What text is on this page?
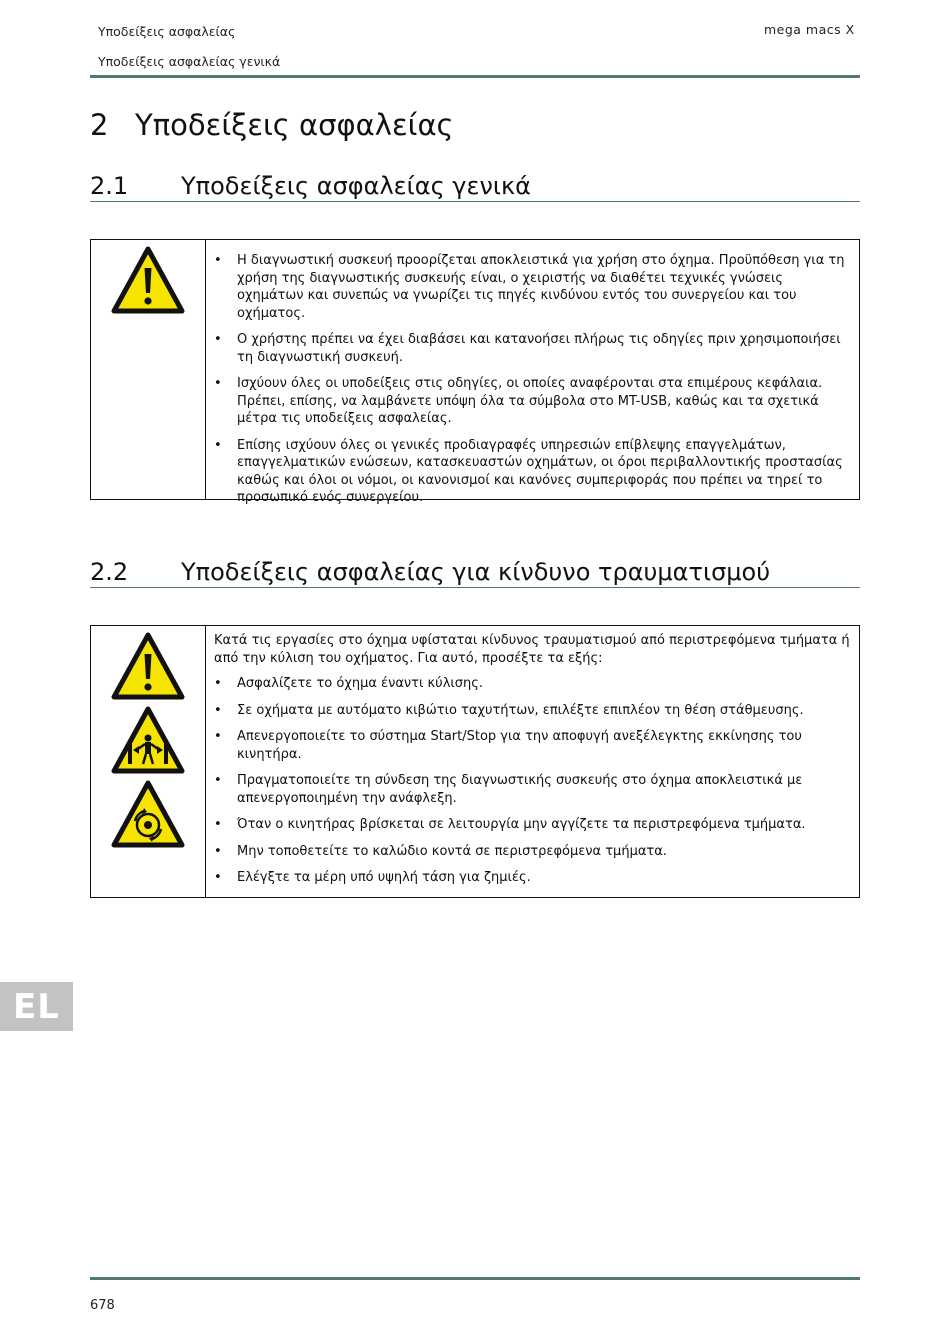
Υποδείξεις ασφαλείας
Υποδείξεις ασφαλείας γενικά
mega macs X
2 Υποδείξεις ασφαλείας
2.1 Υποδείξεις ασφαλείας γενικά
• Η διαγνωστική συσκευή προορίζεται αποκλειστικά για χρήση στο όχημα. Προϋπόθεση για τη χρήση της διαγνωστικής συσκευής είναι, ο χειριστής να διαθέτει τεχνικές γνώσεις οχημάτων και συνεπώς να γνωρίζει τις πηγές κινδύνου εντός του συνεργείου και του οχήματος.
• Ο χρήστης πρέπει να έχει διαβάσει και κατανοήσει πλήρως τις οδηγίες πριν χρησιμοποιήσει τη διαγνωστική συσκευή.
• Ισχύουν όλες οι υποδείξεις στις οδηγίες, οι οποίες αναφέρονται στα επιμέρους κεφάλαια. Πρέπει, επίσης, να λαμβάνετε υπόψη όλα τα σύμβολα στο MT-USB, καθώς και τα σχετικά μέτρα τις υποδείξεις ασφαλείας.
• Επίσης ισχύουν όλες οι γενικές προδιαγραφές υπηρεσιών επίβλεψης επαγγελμάτων, επαγγελματικών ενώσεων, κατασκευαστών οχημάτων, οι όροι περιβαλλοντικής προστασίας καθώς και όλοι οι νόμοι, οι κανονισμοί και κανόνες συμπεριφοράς που πρέπει να τηρεί το προσωπικό ενός συνεργείου.
2.2 Υποδείξεις ασφαλείας για κίνδυνο τραυματισμού
Κατά τις εργασίες στο όχημα υφίσταται κίνδυνος τραυματισμού από περιστρεφόμενα τμήματα ή από την κύλιση του οχήματος. Για αυτό, προσέξτε τα εξής:
• Ασφαλίζετε το όχημα έναντι κύλισης.
• Σε οχήματα με αυτόματο κιβώτιο ταχυτήτων, επιλέξτε επιπλέον τη θέση στάθμευσης.
• Απενεργοποιείτε το σύστημα Start/Stop για την αποφυγή ανεξέλεγκτης εκκίνησης του κινητήρα.
• Πραγματοποιείτε τη σύνδεση της διαγνωστικής συσκευής στο όχημα αποκλειστικά με απενεργοποιημένη την ανάφλεξη.
• Όταν ο κινητήρας βρίσκεται σε λειτουργία μην αγγίζετε τα περιστρεφόμενα τμήματα.
• Μην τοποθετείτε το καλώδιο κοντά σε περιστρεφόμενα τμήματα.
• Ελέγξτε τα μέρη υπό υψηλή τάση για ζημιές.
EL
678
